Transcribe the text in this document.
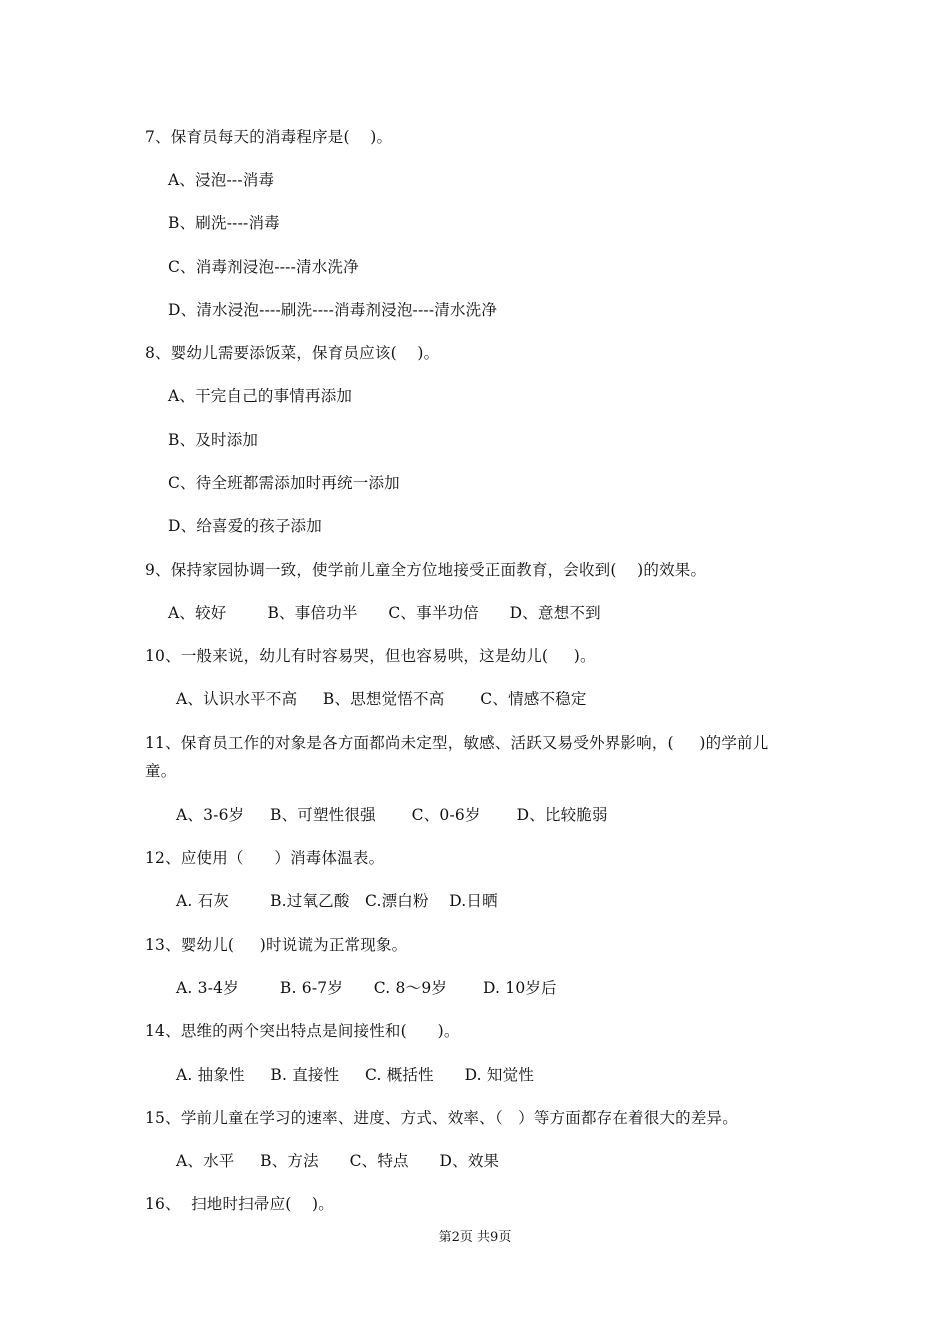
7、保育员每天的消毒程序是(    )。
A、浸泡---消毒
B、刷洗----消毒
C、消毒剂浸泡----清水洗净
D、清水浸泡----刷洗----消毒剂浸泡----清水洗净
8、婴幼儿需要添饭菜，保育员应该(    )。
A、干完自己的事情再添加
B、及时添加
C、待全班都需添加时再统一添加
D、给喜爱的孩子添加
9、保持家园协调一致，使学前儿童全方位地接受正面教育，会收到(    )的效果。
A、较好        B、事倍功半      C、事半功倍      D、意想不到
10、一般来说，幼儿有时容易哭，但也容易哄，这是幼儿(     )。
A、认识水平不高     B、思想觉悟不高       C、情感不稳定
11、保育员工作的对象是各方面都尚未定型，敏感、活跃又易受外界影响，(     )的学前儿
童。
A、3-6岁     B、可塑性很强       C、0-6岁       D、比较脆弱
12、应使用（      ）消毒体温表。
A. 石灰        B.过氧乙酸   C.漂白粉    D.日晒
13、婴幼儿(     )时说谎为正常现象。
A. 3-4岁        B. 6-7岁      C. 8～9岁       D. 10岁后
14、思维的两个突出特点是间接性和(      )。
A. 抽象性     B. 直接性     C. 概括性      D. 知觉性
15、学前儿童在学习的速率、进度、方式、效率、（   ）等方面都存在着很大的差异。
A、水平     B、方法      C、特点      D、效果
16、  扫地时扫帚应(    )。
第2页 共9页
